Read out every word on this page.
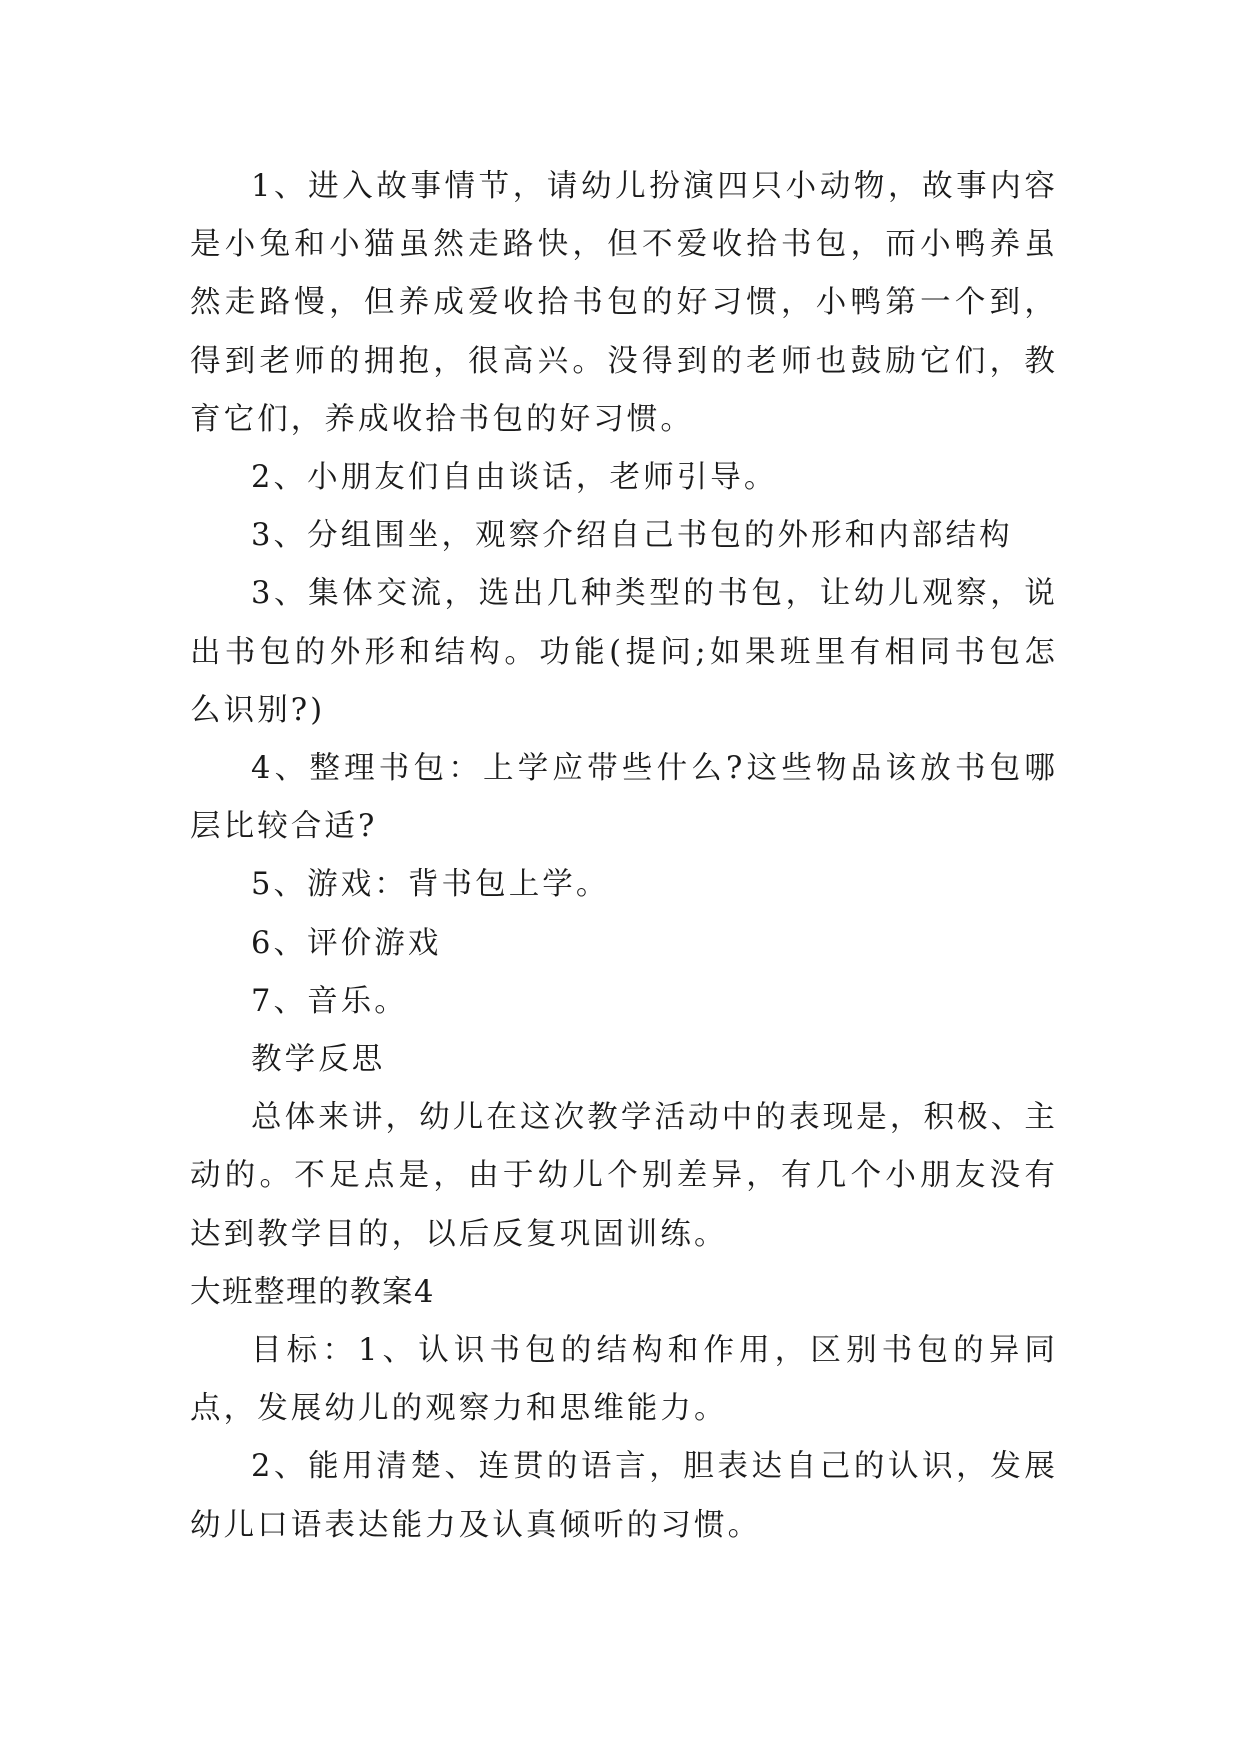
1、进入故事情节，请幼儿扮演四只小动物，故事内容是小兔和小猫虽然走路快，但不爱收拾书包，而小鸭养虽然走路慢，但养成爱收拾书包的好习惯，小鸭第一个到，得到老师的拥抱，很高兴。没得到的老师也鼓励它们，教育它们，养成收拾书包的好习惯。

2、小朋友们自由谈话，老师引导。

3、分组围坐，观察介绍自己书包的外形和内部结构

3、集体交流，选出几种类型的书包，让幼儿观察，说出书包的外形和结构。功能(提问;如果班里有相同书包怎么识别?)

4、整理书包：上学应带些什么?这些物品该放书包哪层比较合适?

5、游戏：背书包上学。

6、评价游戏

7、音乐。

教学反思

总体来讲，幼儿在这次教学活动中的表现是，积极、主动的。不足点是，由于幼儿个别差异，有几个小朋友没有达到教学目的，以后反复巩固训练。

大班整理的教案4

目标：1、认识书包的结构和作用，区别书包的异同点，发展幼儿的观察力和思维能力。

2、能用清楚、连贯的语言，胆表达自己的认识，发展幼儿口语表达能力及认真倾听的习惯。
